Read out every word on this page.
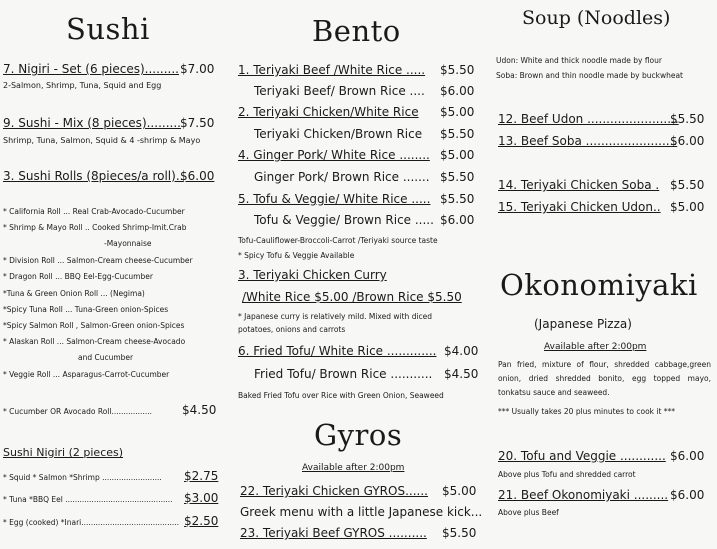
Sushi
7. Nigiri - Set (6 pieces)......... $7.00
2-Salmon, Shrimp, Tuna, Squid and Egg
9. Sushi - Mix (8 pieces)......... $7.50
Shrimp, Tuna, Salmon, Squid & 4 -shrimp & Mayo
3. Sushi Rolls (8pieces/a roll)..
$6.00
* California Roll ... Real Crab-Avocado-Cucumber
* Shrimp & Mayo Roll .. Cooked Shrimp-Imit.Crab
-Mayonnaise
* Division Roll ... Salmon-Cream cheese-Cucumber
* Dragon Roll ... BBQ Eel-Egg-Cucumber
*Tuna & Green Onion Roll ... (Negima)
*Spicy Tuna Roll ... Tuna-Green onion-Spices
*Spicy Salmon Roll , Salmon-Green onion-Spices
* Alaskan Roll ... Salmon-Cream cheese-Avocado
and Cucumber
* Veggie Roll ... Asparagus-Carrot-Cucumber
* Cucumber OR Avocado Roll.................	$4.50
Sushi Nigiri (2 pieces)
* Squid * Salmon *Shrimp ......................... $2.75
* Tuna *BBQ Eel ............................................. $3.00
* Egg (cooked) *Inari......................................... $2.50
Bento
1. Teriyaki Beef /White Rice ..... $5.50
Teriyaki Beef/ Brown Rice .... $6.00
2. Teriyaki Chicken/White Rice $5.00
Teriyaki Chicken/Brown Rice $5.50
4. Ginger Pork/ White Rice ........ $5.00
Ginger Pork/ Brown Rice ....... $5.50
5. Tofu & Veggie/ White Rice ..... $5.50
Tofu & Veggie/ Brown Rice ..... $6.00
Tofu-Cauliflower-Broccoli-Carrot /Teriyaki source taste
* Spicy Tofu & Veggie Available
3. Teriyaki Chicken Curry
/White Rice $5.00 /Brown Rice $5.50
* Japanese curry is relatively mild. Mixed with diced potatoes, onions and carrots
6. Fried Tofu/ White Rice ............. $4.00
Fried Tofu/ Brown Rice ........... $4.50
Baked Fried Tofu over Rice with Green Onion, Seaweed
Gyros
Available after 2:00pm
22. Teriyaki Chicken GYROS...... $5.00
Greek menu with a little Japanese kick...
23. Teriyaki Beef GYROS .......... $5.50
Soup (Noodles)
Udon: White and thick noodle made by flour
Soba: Brown and thin noodle made by buckwheat
12. Beef Udon ........................
$5.50
13. Beef Soba ........................
$6.00
14. Teriyaki Chicken Soba . $5.50
15. Teriyaki Chicken Udon.. $5.00
Okonomiyaki
(Japanese Pizza)
Available after 2:00pm
Pan fried, mixture of flour, shredded cabbage,green onion, dried shredded bonito, egg topped mayo, tonkatsu sauce and seaweed.
*** Usually takes 20 plus minutes to cook it ***
20. Tofu and Veggie ............ $6.00
Above plus Tofu and shredded carrot
21. Beef Okonomiyaki ......... $6.00
Above plus Beef
